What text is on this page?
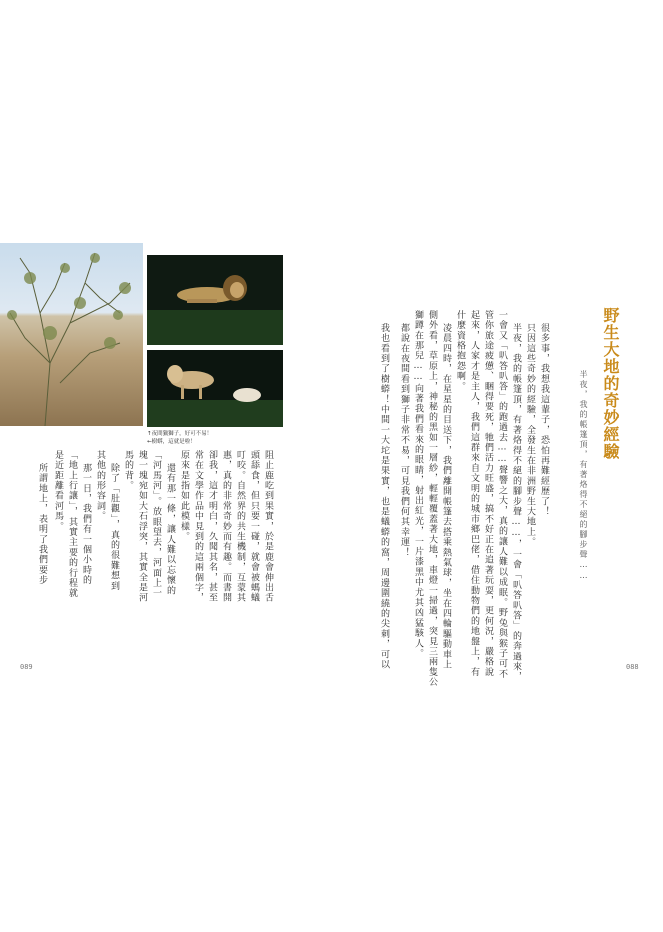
↑夜間獵獅子，好可不易！
←樹蟒，這就是啦！	野生大地的奇妙經驗
半夜，我的帳篷頂，有著烙得不絕的腳步聲……
很多事，我想我這輩子，恐怕再難經歷了！
只因這些奇妙的經驗，全發生在非洲野生大地上。
半夜，我的帳篷頂，有著烙得不絕的腳步聲……，一會「叭答叭答」的奔過來，
一會又「叭答叭答」的跑過去……聲響之大，真的讓人難以成眠。野兔與猴子可不
管你旅途疲憊、睏得要死，牠們活力旺盛，搞不好正在追著玩耍，更何況，嚴格說
起來，人家才是主人，我們這群來自文明的城市鄉巴佬，借住動物們的地盤上，有
什麼資格抱怨啊。
凌晨四時，在星星的目送下，我們離開帳篷去搭乘熱氣球，坐在四輪驅動車上
側外看，草原上，神秘的黑如一層紗，輕輕覆蓋著大地，車燈一掃過，突見三兩隻公
獅蹲在那兒……向著我們看來的眼睛，射出紅光，一片漆黑中尤其凶猛駭人。
都說在夜間看到獅子非常不易，可見我們何其幸運！
我也看到了樹蟒！中間一大坨是果實，也是蟻蟒的窩，周邊圍繞的尖刺，可以	088
阻止鹿吃到果實，於是鹿會伸出舌
頭舔食，但只要一碰，就會被螞蟻
叮咬。自然界的共生機制，互蒙其
惠，真的非常奇妙而有趣。而書開
卻我，這才明白，久聞其名，甚至
常在文學作品中見到的這兩個字，
原來是指如此模樣。
還有那一條，讓人難以忘懷的
「河馬河」。放眼望去，河面上一
塊一塊宛如大石浮突，其實全是河
馬的背。
除了「肚觀」，真的很難想到
其他的形容詞。
那一日，我們有一個小時的
「地上行讓」，其實主要的行程就
是近距離看河馬。
所謂地上，表明了我們要步
089
